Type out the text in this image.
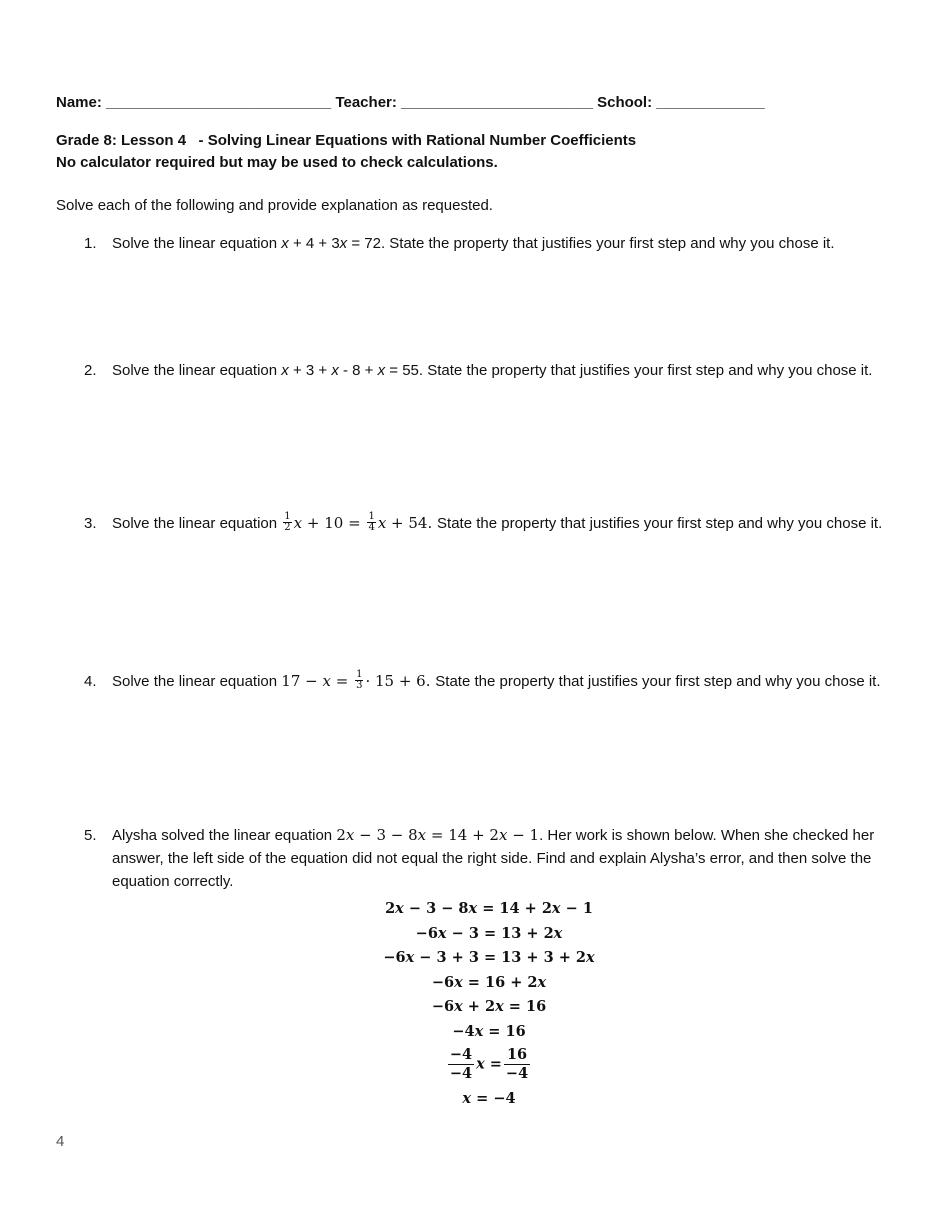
Name: ___________________________ Teacher: _______________________ School: _____________
Grade 8: Lesson 4   - Solving Linear Equations with Rational Number Coefficients
No calculator required but may be used to check calculations.
Solve each of the following and provide explanation as requested.
1. Solve the linear equation x + 4 + 3x = 72. State the property that justifies your first step and why you chose it.
2. Solve the linear equation x + 3 + x - 8 + x = 55. State the property that justifies your first step and why you chose it.
3. Solve the linear equation $\frac{1}{2}$ $x + 10 = \frac{1}{4}$ x + 54. State the property that justifies your first step and why you chose it.
4. Solve the linear equation $17 - x = \frac{1}{3} \cdot 15 + 6$. State the property that justifies your first step and why you chose it.
5. Alysha solved the linear equation 2x − 3 − 8x = 14 + 2x − 1. Her work is shown below. When she checked her answer, the left side of the equation did not equal the right side. Find and explain Alysha’s error, and then solve the equation correctly.
2x − 3 − 8x = 14 + 2x − 1
−6x − 3 = 13 + 2x
−6x − 3 + 3 = 13 + 3 + 2x
−6x = 16 + 2x
−6x + 2x = 16
−4x = 16
$\frac{-4}{-4}$ $x = \frac{16}{-4}$
x = −4
4
